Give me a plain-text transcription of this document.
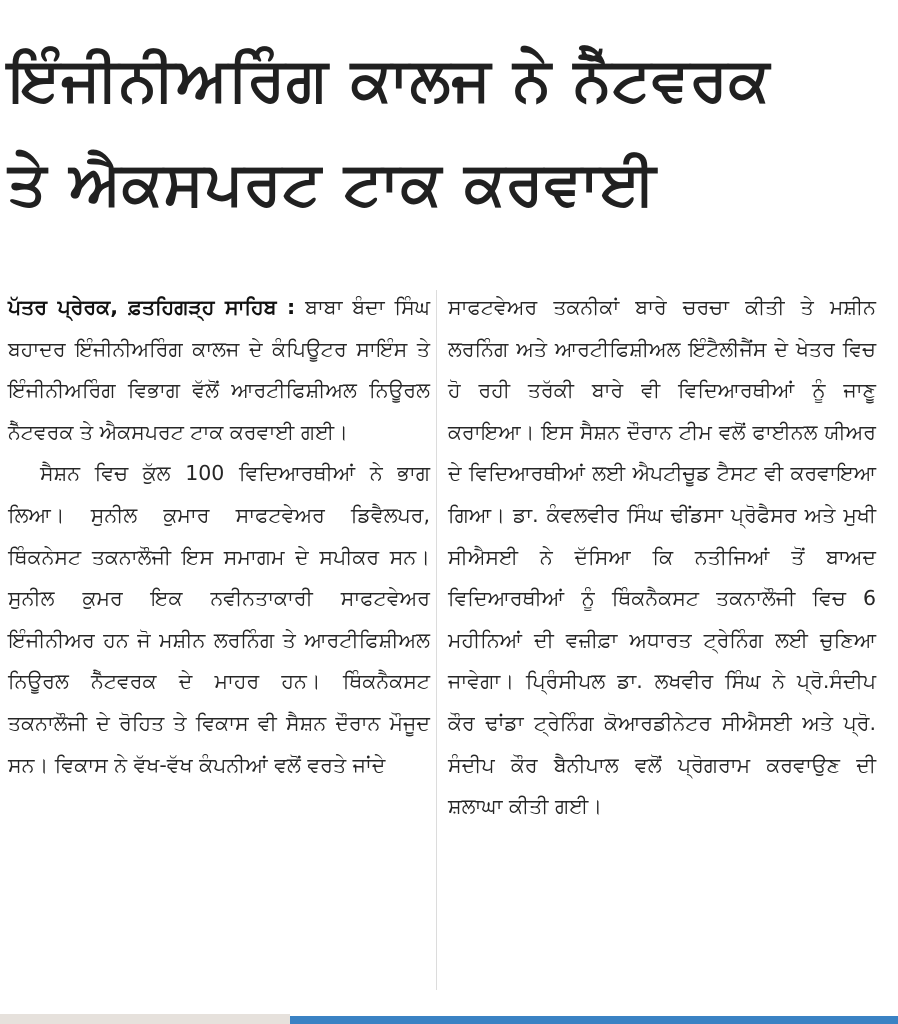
ਇੰਜੀਨੀਅਰਿੰਗ ਕਾਲਜ ਨੇ ਨੈੱਟਵਰਕ
ਤੇ ਐਕਸਪਰਟ ਟਾਕ ਕਰਵਾਈ

ਪੱਤਰ ਪ੍ਰੇਰਕ, ਫ਼ਤਹਿਗੜ੍ਹ ਸਾਹਿਬ : ਬਾਬਾ ਬੰਦਾ ਸਿੰਘ ਬਹਾਦਰ ਇੰਜੀਨੀਅਰਿੰਗ ਕਾਲਜ ਦੇ ਕੰਪਿਊਟਰ ਸਾਇੰਸ ਤੇ ਇੰਜੀਨੀਅਰਿੰਗ ਵਿਭਾਗ ਵੱਲੋਂ ਆਰਟੀਫਿਸ਼ੀਅਲ ਨਿਊਰਲ ਨੈੱਟਵਰਕ ਤੇ ਐਕਸਪਰਟ ਟਾਕ ਕਰਵਾਈ ਗਈ।

ਸੈਸ਼ਨ ਵਿਚ ਕੁੱਲ 100 ਵਿਦਿਆਰਥੀਆਂ ਨੇ ਭਾਗ ਲਿਆ। ਸੁਨੀਲ ਕੁਮਾਰ ਸਾਫਟਵੇਅਰ ਡਿਵੈਲਪਰ, ਥਿੰਕਨੇਸਟ ਤਕਨਾਲੌਜੀ ਇਸ ਸਮਾਗਮ ਦੇ ਸਪੀਕਰ ਸਨ। ਸੁਨੀਲ ਕੁਮਰ ਇਕ ਨਵੀਨਤਾਕਾਰੀ ਸਾਫਟਵੇਅਰ ਇੰਜੀਨੀਅਰ ਹਨ ਜੋ ਮਸ਼ੀਨ ਲਰਨਿੰਗ ਤੇ ਆਰਟੀਫਿਸ਼ੀਅਲ ਨਿਊਰਲ ਨੈੱਟਵਰਕ ਦੇ ਮਾਹਰ ਹਨ। ਥਿੰਕਨੈਕਸਟ ਤਕਨਾਲੌਜੀ ਦੇ ਰੋਹਿਤ ਤੇ ਵਿਕਾਸ ਵੀ ਸੈਸ਼ਨ ਦੌਰਾਨ ਮੌਜੂਦ ਸਨ। ਵਿਕਾਸ ਨੇ ਵੱਖ-ਵੱਖ ਕੰਪਨੀਆਂ ਵਲੋਂ ਵਰਤੇ ਜਾਂਦੇ

ਸਾਫਟਵੇਅਰ ਤਕਨੀਕਾਂ ਬਾਰੇ ਚਰਚਾ ਕੀਤੀ ਤੇ ਮਸ਼ੀਨ ਲਰਨਿੰਗ ਅਤੇ ਆਰਟੀਫਿਸ਼ੀਅਲ ਇੰਟੈਲੀਜੈਂਸ ਦੇ ਖੇਤਰ ਵਿਚ ਹੋ ਰਹੀ ਤਰੱਕੀ ਬਾਰੇ ਵੀ ਵਿਦਿਆਰਥੀਆਂ ਨੂੰ ਜਾਣੂ ਕਰਾਇਆ। ਇਸ ਸੈਸ਼ਨ ਦੌਰਾਨ ਟੀਮ ਵਲੋਂ ਫਾਈਨਲ ਯੀਅਰ ਦੇ ਵਿਦਿਆਰਥੀਆਂ ਲਈ ਐਪਟੀਚੂਡ ਟੈਸਟ ਵੀ ਕਰਵਾਇਆ ਗਿਆ। ਡਾ. ਕੰਵਲਵੀਰ ਸਿੰਘ ਢੀਂਡਸਾ ਪ੍ਰੋਫੈਸਰ ਅਤੇ ਮੁਖੀ ਸੀਐਸਈ ਨੇ ਦੱਸਿਆ ਕਿ ਨਤੀਜਿਆਂ ਤੋਂ ਬਾਅਦ ਵਿਦਿਆਰਥੀਆਂ ਨੂੰ ਥਿੰਕਨੈਕਸਟ ਤਕਨਾਲੌਜੀ ਵਿਚ 6 ਮਹੀਨਿਆਂ ਦੀ ਵਜ਼ੀਫ਼ਾ ਅਧਾਰਤ ਟ੍ਰੇਨਿੰਗ ਲਈ ਚੁਣਿਆ ਜਾਵੇਗਾ। ਪ੍ਰਿੰਸੀਪਲ ਡਾ. ਲਖਵੀਰ ਸਿੰਘ ਨੇ ਪ੍ਰੋ.ਸੰਦੀਪ ਕੌਰ ਢਾਂਡਾ ਟ੍ਰੇਨਿੰਗ ਕੋਆਰਡੀਨੇਟਰ ਸੀਐਸਈ ਅਤੇ ਪ੍ਰੋ. ਸੰਦੀਪ ਕੌਰ ਬੈਨੀਪਾਲ ਵਲੋਂ ਪ੍ਰੋਗਰਾਮ ਕਰਵਾਉਣ ਦੀ ਸ਼ਲਾਘਾ ਕੀਤੀ ਗਈ।
